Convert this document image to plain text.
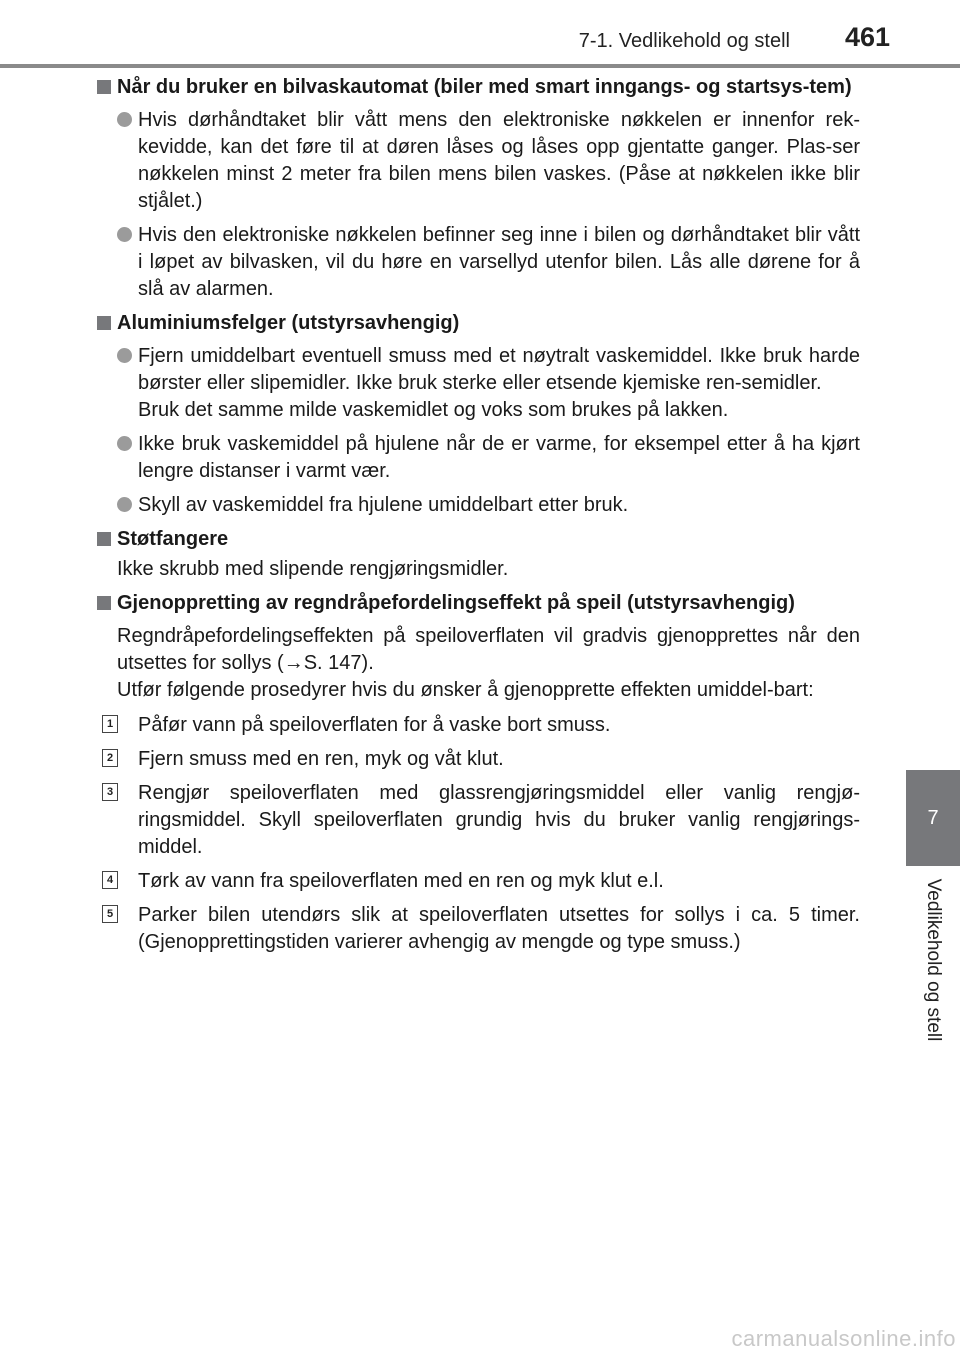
7-1. Vedlikehold og stell 461
7
Vedlikehold og stell
Når du bruker en bilvaskautomat (biler med smart inngangs- og startsys-tem)
Hvis dørhåndtaket blir vått mens den elektroniske nøkkelen er innenfor rek-kevidde, kan det føre til at døren låses og låses opp gjentatte ganger. Plas-ser nøkkelen minst 2 meter fra bilen mens bilen vaskes. (Påse at nøkkelen ikke blir stjålet.)
Hvis den elektroniske nøkkelen befinner seg inne i bilen og dørhåndtaket blir vått i løpet av bilvasken, vil du høre en varsellyd utenfor bilen. Lås alle dørene for å slå av alarmen.
Aluminiumsfelger (utstyrsavhengig)
Fjern umiddelbart eventuell smuss med et nøytralt vaskemiddel. Ikke bruk harde børster eller slipemidler. Ikke bruk sterke eller etsende kjemiske ren-semidler.
Bruk det samme milde vaskemidlet og voks som brukes på lakken.
Ikke bruk vaskemiddel på hjulene når de er varme, for eksempel etter å ha kjørt lengre distanser i varmt vær.
Skyll av vaskemiddel fra hjulene umiddelbart etter bruk.
Støtfangere
Ikke skrubb med slipende rengjøringsmidler.
Gjenoppretting av regndråpefordelingseffekt på speil (utstyrsavhengig)
Regndråpefordelingseffekten på speiloverflaten vil gradvis gjenopprettes når den utsettes for sollys (→S. 147).
Utfør følgende prosedyrer hvis du ønsker å gjenopprette effekten umiddel-bart:
1 Påfør vann på speiloverflaten for å vaske bort smuss.
2 Fjern smuss med en ren, myk og våt klut.
3 Rengjør speiloverflaten med glassrengjøringsmiddel eller vanlig rengjø-ringsmiddel. Skyll speiloverflaten grundig hvis du bruker vanlig rengjørings-middel.
4 Tørk av vann fra speiloverflaten med en ren og myk klut e.l.
5 Parker bilen utendørs slik at speiloverflaten utsettes for sollys i ca. 5 timer. (Gjenopprettingstiden varierer avhengig av mengde og type smuss.)
carmanualsonline.info
